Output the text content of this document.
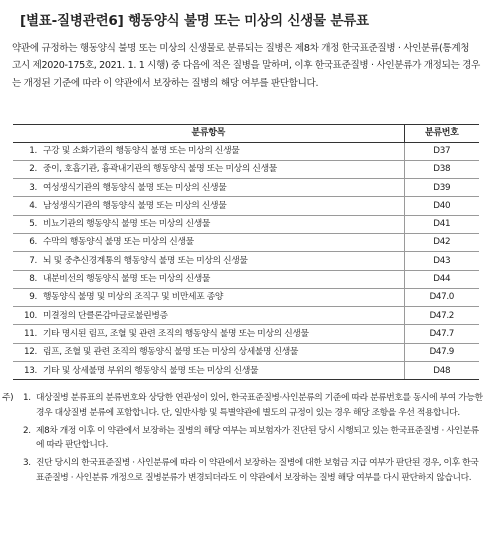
[별표-질병관련6] 행동양식 불명 또는 미상의 신생물 분류표

약관에 규정하는 행동양식 불명 또는 미상의 신생물로 분류되는 질병은 제8차 개정 한국표준질병 · 사인분류(통계청 고시 제2020-175호, 2021. 1. 1 시행) 중 다음에 적은 질병을 말하며, 이후 한국표준질병 · 사인분류가 개정되는 경우는 개정된 기준에 따라 이 약관에서 보장하는 질병의 해당 여부를 판단합니다.

분류항목	분류번호
1. 구강 및 소화기관의 행동양식 불명 또는 미상의 신생물	D37
2. 중이, 호흡기관, 흉곽내기관의 행동양식 불명 또는 미상의 신생물	D38
3. 여성생식기관의 행동양식 불명 또는 미상의 신생물	D39
4. 남성생식기관의 행동양식 불명 또는 미상의 신생물	D40
5. 비뇨기관의 행동양식 불명 또는 미상의 신생물	D41
6. 수막의 행동양식 불명 또는 미상의 신생물	D42
7. 뇌 및 중추신경계통의 행동양식 불명 또는 미상의 신생물	D43
8. 내분비선의 행동양식 불명 또는 미상의 신생물	D44
9. 행동양식 불명 및 미상의 조직구 및 비만세포 종양	D47.0
10. 미결정의 단클론감마글로불린병증	D47.2
11. 기타 명시된 림프, 조혈 및 관련 조직의 행동양식 불명 또는 미상의 신생물	D47.7
12. 림프, 조혈 및 관련 조직의 행동양식 불명 또는 미상의 상세불명 신생물	D47.9
13. 기타 및 상세불명 부위의 행동양식 불명 또는 미상의 신생물	D48
주)	1. 대상질병 분류표의 분류번호와 상당한 연관성이 있어, 한국표준질병·사인분류의 기준에 따라 분류번호를 동시에 부여 가능한 경우 대상질병 분류에 포함합니다. 단, 일반사항 및 특별약관에 별도의 규정이 있는 경우 해당 조항을 우선 적용합니다.
2. 제8차 개정 이후 이 약관에서 보장하는 질병의 해당 여부는 피보험자가 진단된 당시 시행되고 있는 한국표준질병 · 사인분류에 따라 판단합니다.
3. 진단 당시의 한국표준질병 · 사인분류에 따라 이 약관에서 보장하는 질병에 대한 보험금 지급 여부가 판단된 경우, 이후 한국표준질병 · 사인분류 개정으로 질병분류가 변경되더라도 이 약관에서 보장하는 질병 해당 여부를 다시 판단하지 않습니다.
